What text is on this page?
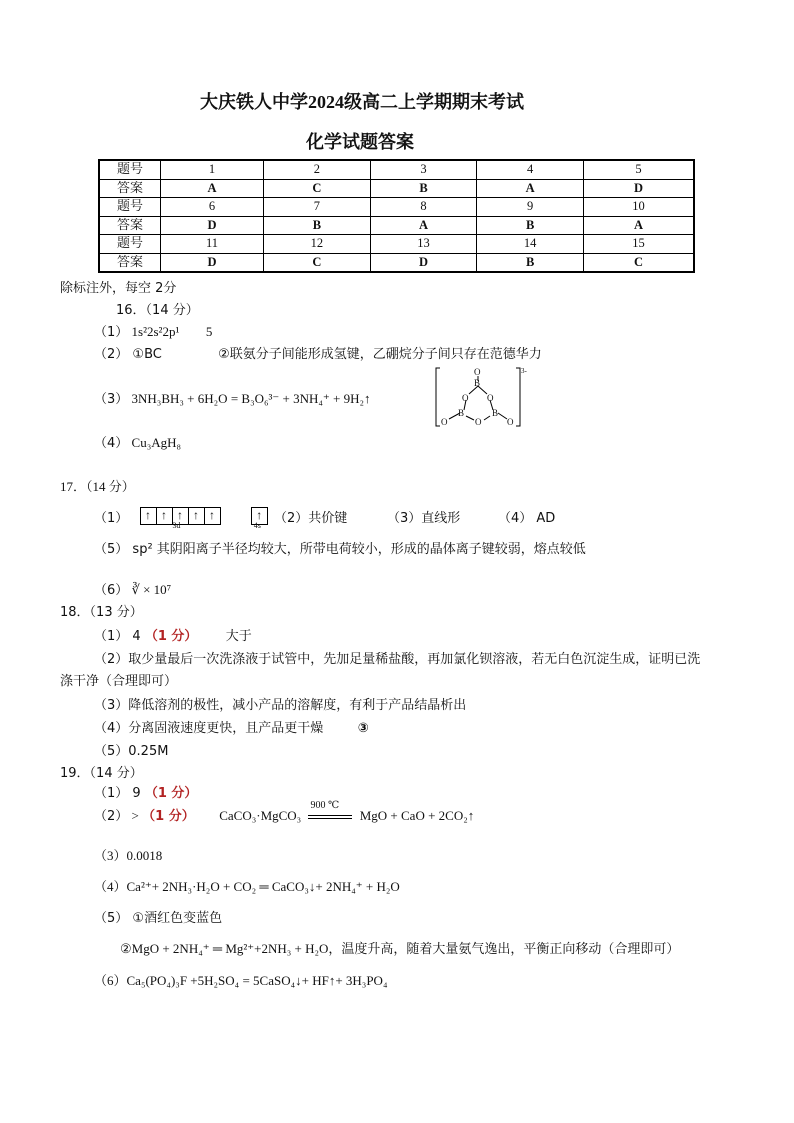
大庆铁人中学2024级高二上学期期末考试
化学试题答案
题号	1	2	3	4	5
答案	A	C	B	A	D
题号	6	7	8	9	10
答案	D	B	A	B	A
题号	11	12	13	14	15
答案	D	C	D	B	C
除标注外，每空 2分
16．（14 分）
（1） 1s²2s²2p¹ 5
（2） ①BC	②联氨分子间能形成氢键，乙硼烷分子间只存在范德华力
（3） 3NH₃BH₃ + 6H₂O = B₃O₆³⁻ + 3NH₄⁺ + 9H₂↑
B
B	B
O
O O
O
O	O
3-
（4） Cu₃AgH₈
17．（14 分）
（1） ↑ ↑ ↑ ↑ ↑
3d
↑
4s （2）共价键	（3）直线形	（4） AD
（5） sp² 其阴阳离子半径均较大，所带电荷较小，形成的晶体离子键较弱，熔点较低
（6） ∛ × 10⁷
18．（13 分）
（1） 4 （1 分） 大于
（2）取少量最后一次洗涤液于试管中，先加足量稀盐酸，再加氯化钡溶液，若无白色沉淀生成，证明已洗
涤干净（合理即可）
（3）降低溶剂的极性，减小产品的溶解度，有利于产品结晶析出
（4）分离固液速度更快，且产品更干燥	③
（5）0.25M
19．（14 分）
（1） 9 （1 分）
（2） > （1 分） CaCO₃·MgCO₃
900 ℃
MgO + CaO + 2CO₂↑
（3）0.0018
（4）Ca²⁺+ 2NH₃·H₂O + CO₂ ═ CaCO₃↓+ 2NH₄⁺ + H₂O
（5） ①酒红色变蓝色
②MgO + 2NH₄⁺ ═ Mg²⁺+2NH₃ + H₂O，温度升高，随着大量氨气逸出，平衡正向移动（合理即可）
（6）Ca₅(PO₄)₃F +5H₂SO₄ = 5CaSO₄↓+ HF↑+ 3H₃PO₄
